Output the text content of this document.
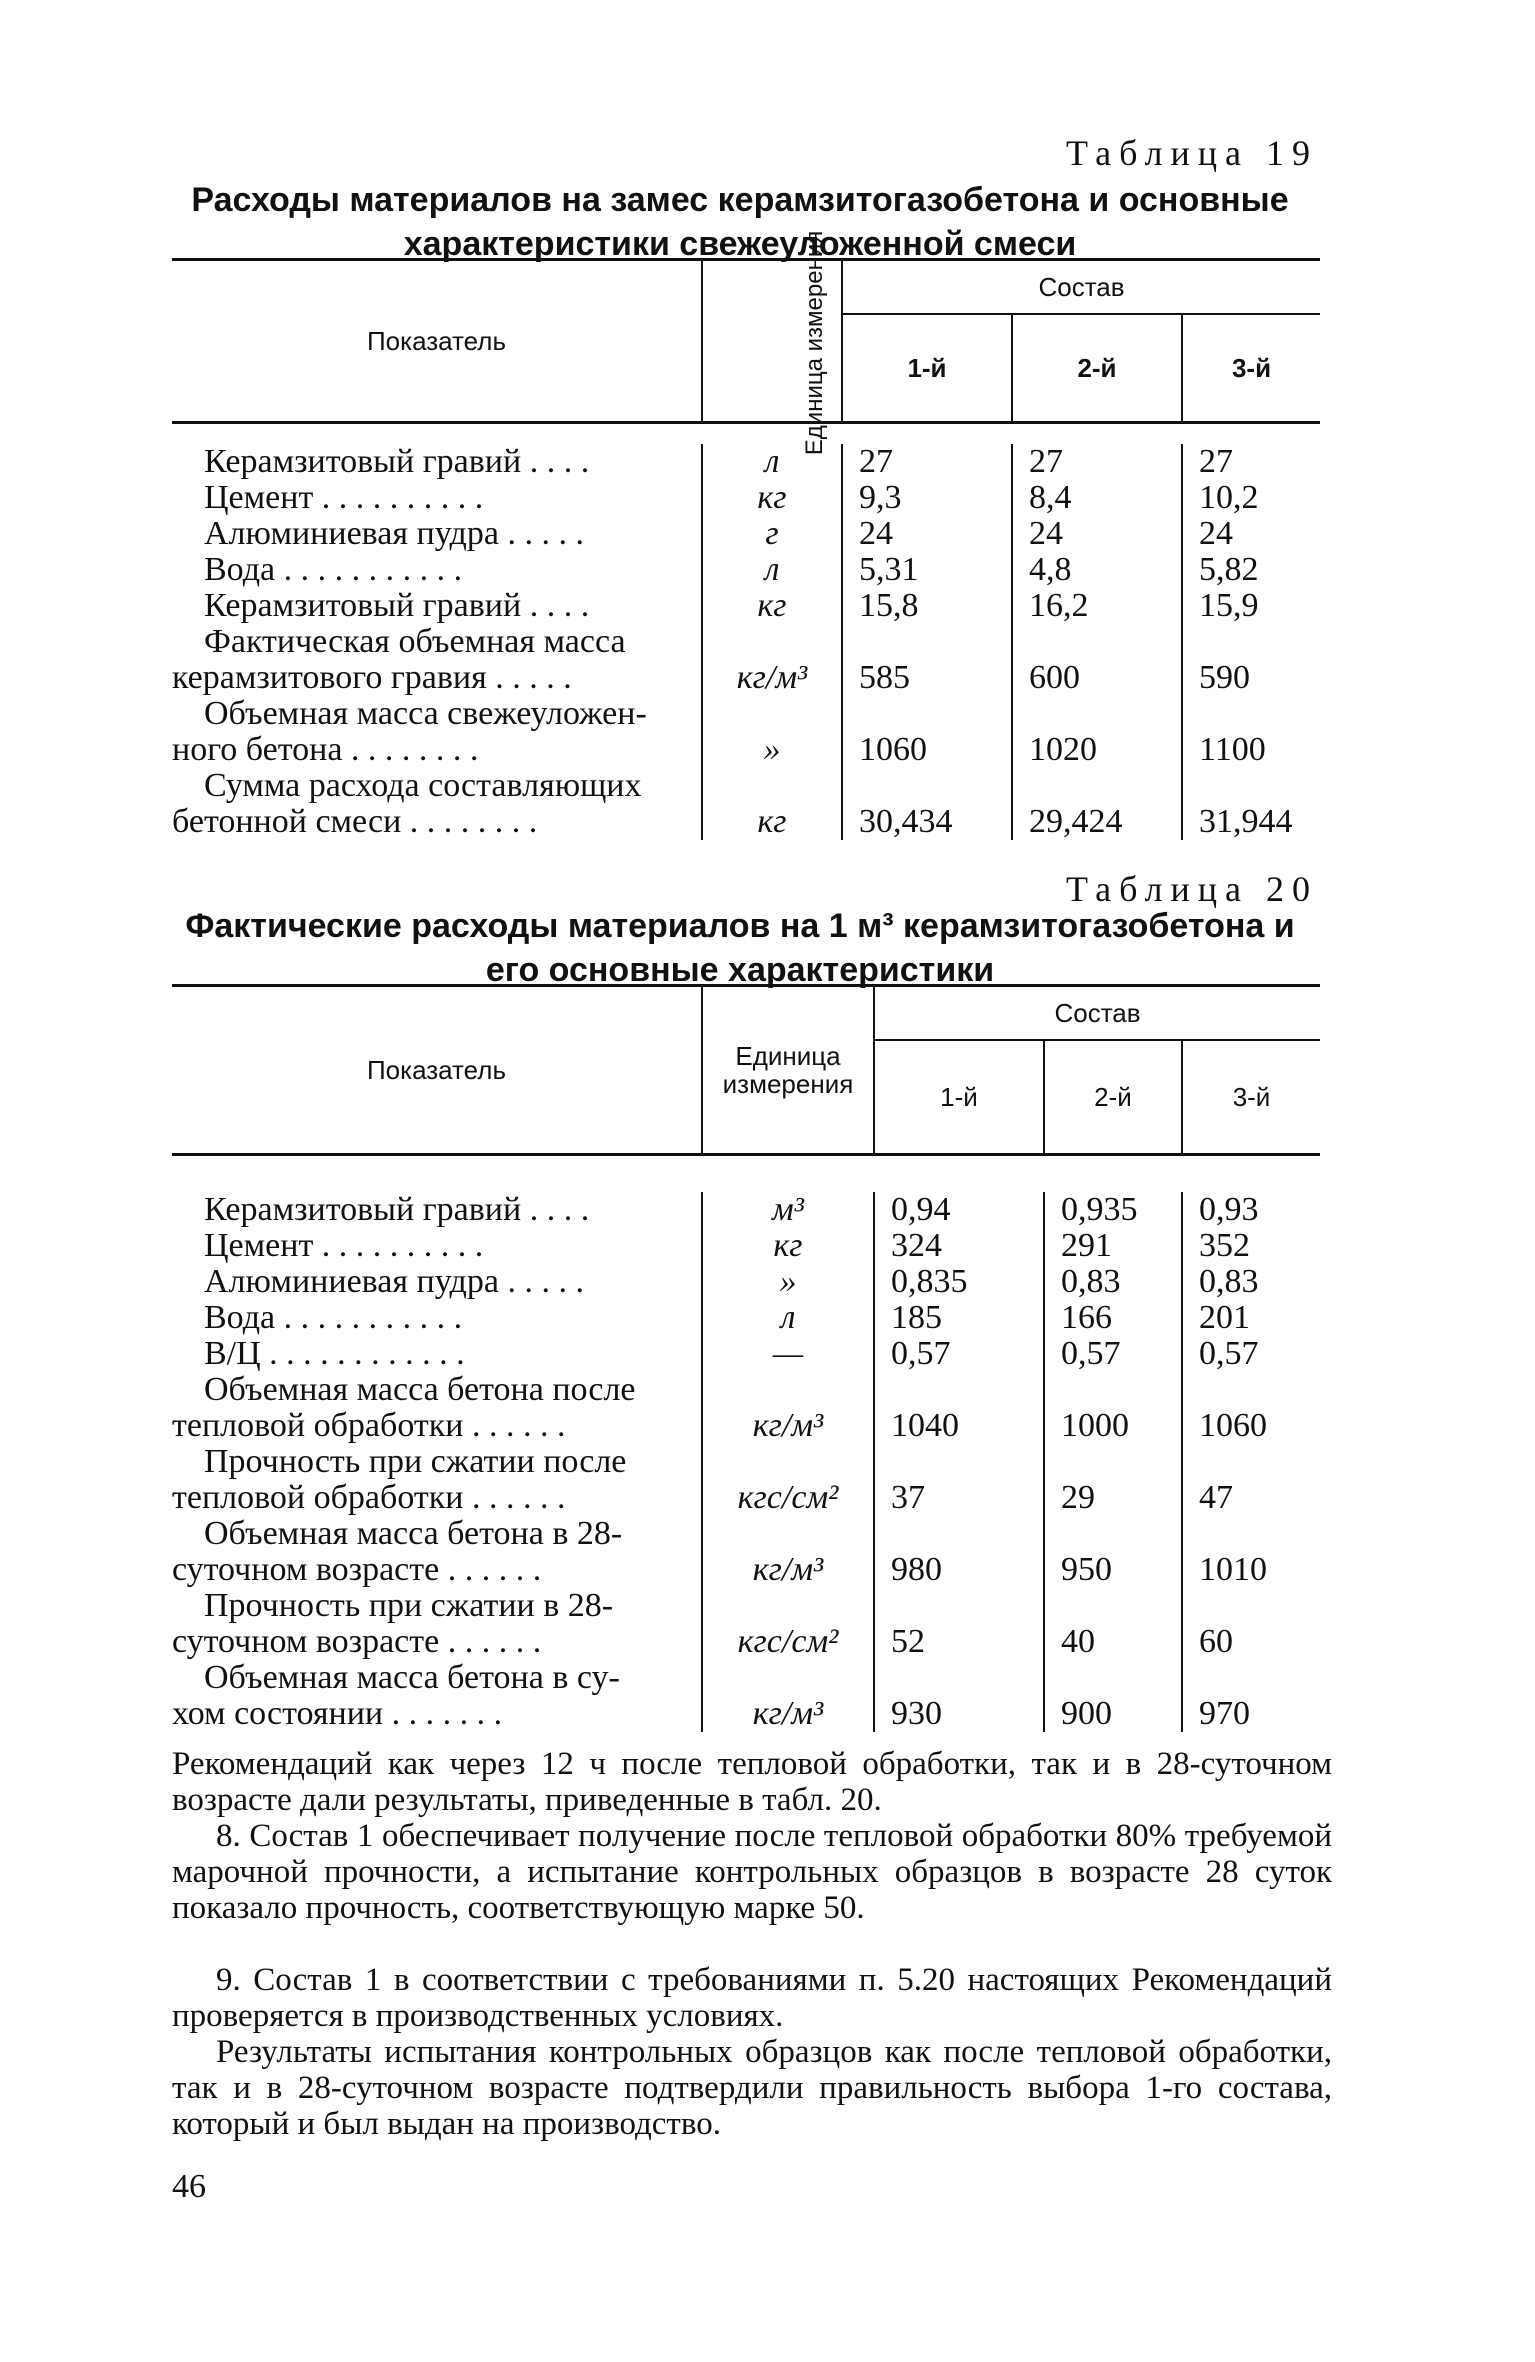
Таблица 19
Расходы материалов на замес керамзитогазобетона и основные характеристики свежеуложенной смеси
Показатель	Единица измерения	Состав		
		1-й	2-й	3-й

Керамзитовый гравий . . . .	л	27	27	27
Цемент . . . . . . . . . .	кг	9,3	8,4	10,2
Алюминиевая пудра . . . . .	г	24	24	24
Вода . . . . . . . . . . .	л	5,31	4,8	5,82
Керамзитовый гравий . . . .	кг	15,8	16,2	15,9

Фактическая объемная масса
керамзитового гравия . . . . .	кг/м³	585	600	590

Объемная масса свежеуложен-
ного бетона . . . . . . . .	»	1060	1020	1100

Сумма расхода составляющих
бетонной смеси . . . . . . . .	кг	30,434	29,424	31,944
Таблица 20
Фактические расходы материалов на 1 м³ керамзитогазобетона и его основные характеристики
Показатель	Единица измерения	Состав		
		1-й	2-й	3-й

Керамзитовый гравий . . . .	м³	0,94	0,935	0,93
Цемент . . . . . . . . . .	кг	324	291	352
Алюминиевая пудра . . . . .	»	0,835	0,83	0,83
Вода . . . . . . . . . . .	л	185	166	201
В/Ц . . . . . . . . . . . .	—	0,57	0,57	0,57

Объемная масса бетона после
тепловой обработки . . . . . .	кг/м³	1040	1000	1060

Прочность при сжатии после
тепловой обработки . . . . . .	кгс/см²	37	29	47

Объемная масса бетона в 28-
суточном возрасте . . . . . .	кг/м³	980	950	1010

Прочность при сжатии в 28-
суточном возрасте . . . . . .	кгс/см²	52	40	60

Объемная масса бетона в су-
хом состоянии . . . . . . .	кг/м³	930	900	970
Рекомендаций как через 12 ч после тепловой обработки, так и в 28-суточном возрасте дали результаты, приведенные в табл. 20.
8. Состав 1 обеспечивает получение после тепловой обработки 80% требуемой марочной прочности, а испытание контрольных образцов в возрасте 28 суток показало прочность, соответствующую марке 50.
9. Состав 1 в соответствии с требованиями п. 5.20 настоящих Рекомендаций проверяется в производственных условиях.
Результаты испытания контрольных образцов как после тепловой обработки, так и в 28-суточном возрасте подтвердили правильность выбора 1-го состава, который и был выдан на производство.
46
